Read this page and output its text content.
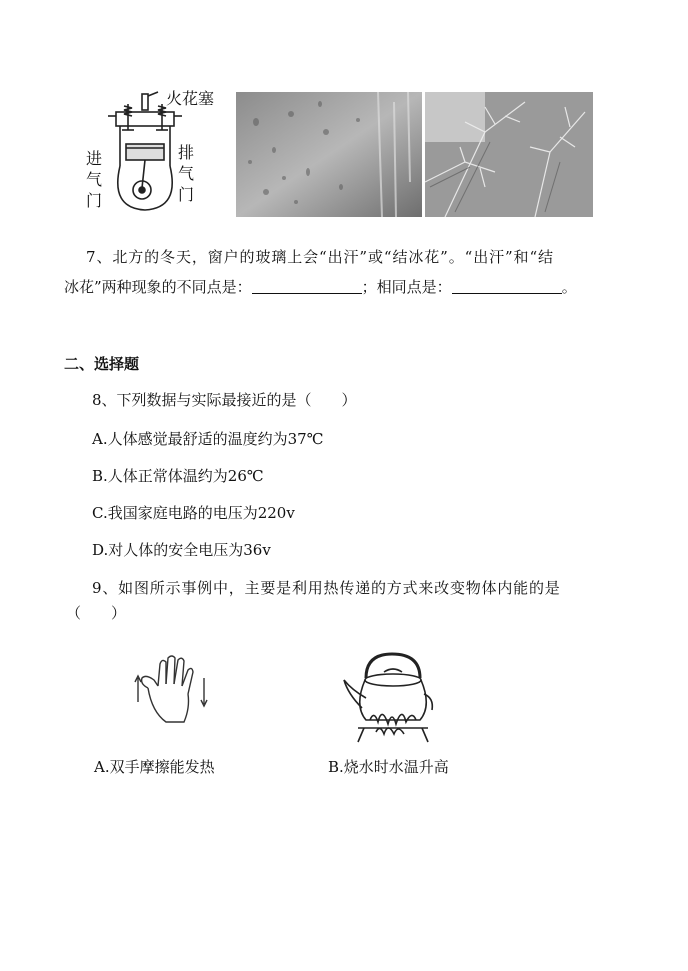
火花塞
进气门
排气门
7、北方的冬天，窗户的玻璃上会“出汗”或“结冰花”。“出汗”和“结
冰花”两种现象的不同点是：	；相同点是：	。
二、选择题
8、下列数据与实际最接近的是（　　）
A.人体感觉最舒适的温度约为37℃
B.人体正常体温约为26℃
C.我国家庭电路的电压为220v
D.对人体的安全电压为36v
9、如图所示事例中，主要是利用热传递的方式来改变物体内能的是
（　　）
A.双手摩擦能发热	B.烧水时水温升高
